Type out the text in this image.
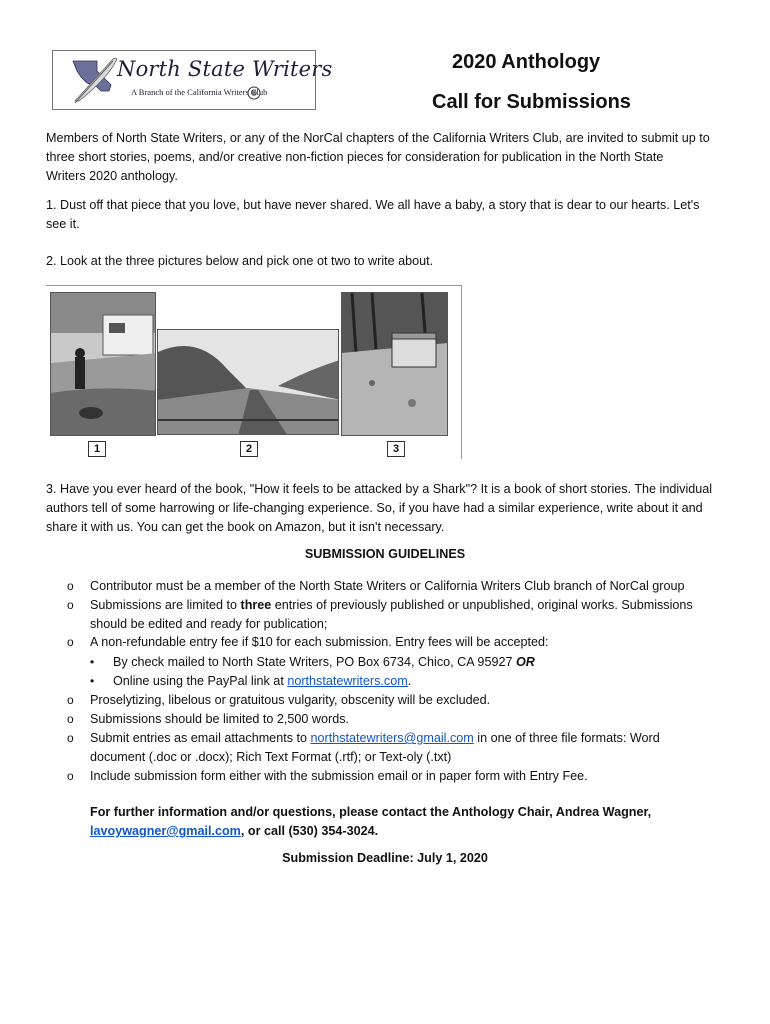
North State Writers
A Branch of the California Writers Club
2020 Anthology
Call for Submissions
Members of North State Writers, or any of the NorCal chapters of the California Writers Club, are invited to submit up to
three short stories, poems, and/or creative non-fiction pieces for consideration for publication in the North State
Writers 2020 anthology.
1. Dust off that piece that you love, but have never shared. We all have a baby, a story that is dear to our hearts. Let's
see it.
2. Look at the three pictures below and pick one ot two to write about.
1	2	3
3. Have you ever heard of the book, "How it feels to be attacked by a Shark"? It is a book of short stories. The individual
authors tell of some harrowing or life-changing experience. So, if you have had a similar experience, write about it and
share it with us. You can get the book on Amazon, but it isn't necessary.
SUBMISSION GUIDELINES
o Contributor must be a member of the North State Writers or California Writers Club branch of NorCal group
o Submissions are limited to three entries of previously published or unpublished, original works. Submissions
should be edited and ready for publication;
o A non-refundable entry fee if $10 for each submission. Entry fees will be accepted:
• By check mailed to North State Writers, PO Box 6734, Chico, CA 95927 OR
• Online using the PayPal link at northstatewriters.com.
o Proselytizing, libelous or gratuitous vulgarity, obscenity will be excluded.
o Submissions should be limited to 2,500 words.
o Submit entries as email attachments to northstatewriters@gmail.com in one of three file formats: Word
document (.doc or .docx); Rich Text Format (.rtf); or Text-oly (.txt)
o Include submission form either with the submission email or in paper form with Entry Fee.
For further information and/or questions, please contact the Anthology Chair, Andrea Wagner,
lavoywagner@gmail.com, or call (530) 354-3024.
Submission Deadline: July 1, 2020
